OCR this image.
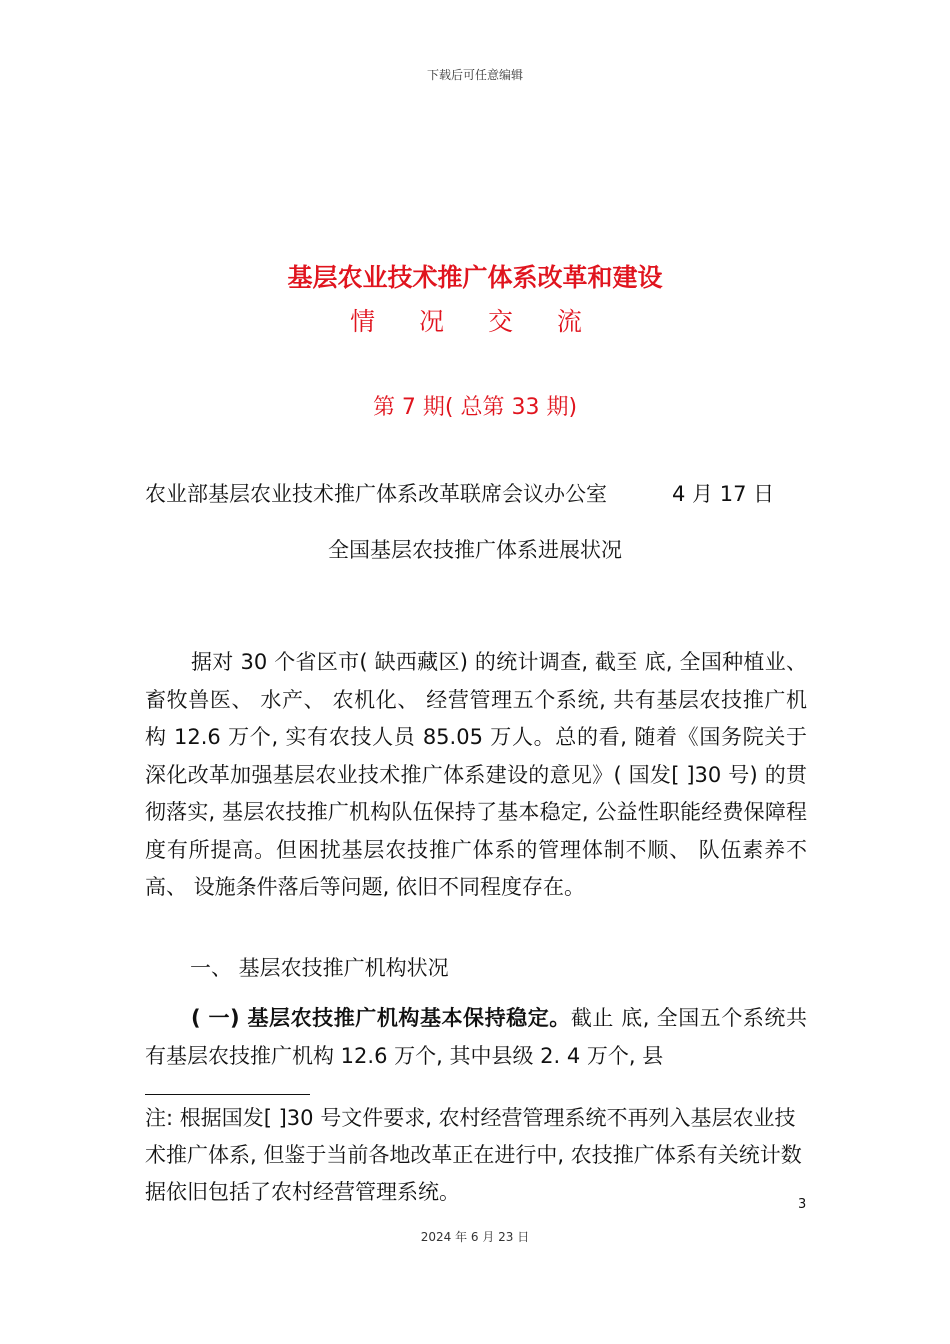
下载后可任意编辑
基层农业技术推广体系改革和建设
情 况 交 流
第 7 期( 总第 33 期)
农业部基层农业技术推广体系改革联席会议办公室	4 月 17 日
全国基层农技推广体系进展状况
据对 30 个省区市( 缺西藏区) 的统计调查, 截至 底, 全国种植业、 畜牧兽医、 水产、 农机化、 经营管理五个系统, 共有基层农技推广机构 12.6 万个, 实有农技人员 85.05 万人。总的看, 随着《国务院关于深化改革加强基层农业技术推广体系建设的意见》( 国发[ ]30 号) 的贯彻落实, 基层农技推广机构队伍保持了基本稳定, 公益性职能经费保障程度有所提高。但困扰基层农技推广体系的管理体制不顺、 队伍素养不高、 设施条件落后等问题, 依旧不同程度存在。
一、 基层农技推广机构状况
( 一) 基层农技推广机构基本保持稳定。截止 底, 全国五个系统共有基层农技推广机构 12.6 万个, 其中县级 2. 4 万个, 县
注: 根据国发[ ]30 号文件要求, 农村经营管理系统不再列入基层农业技术推广体系, 但鉴于当前各地改革正在进行中, 农技推广体系有关统计数据依旧包括了农村经营管理系统。
3
2024 年 6 月 23 日
